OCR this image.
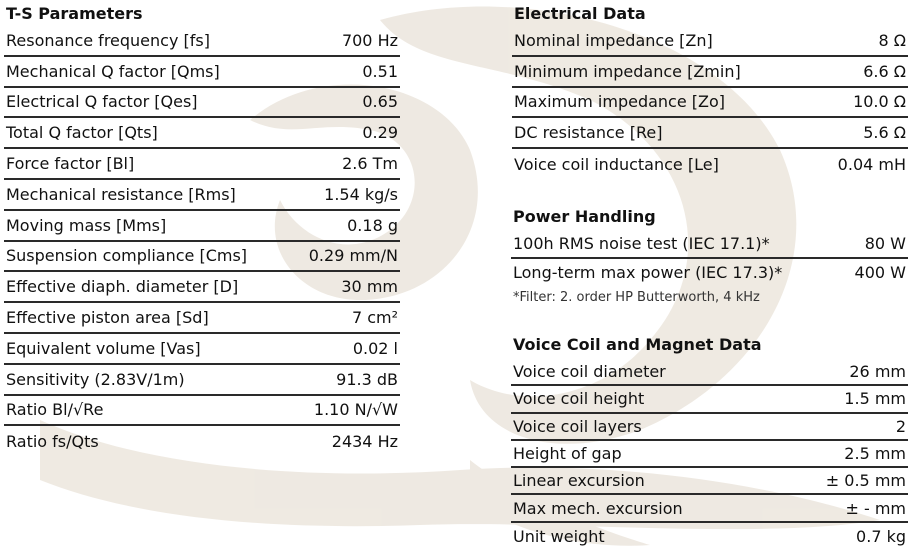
T-S Parameters
Resonance frequency [fs]	700 Hz
Mechanical Q factor [Qms]	0.51
Electrical Q factor [Qes]	0.65
Total Q factor [Qts]	0.29
Force factor [Bl]	2.6 Tm
Mechanical resistance [Rms]	1.54 kg/s
Moving mass [Mms]	0.18 g
Suspension compliance [Cms]	0.29 mm/N
Effective diaph. diameter [D]	30 mm
Effective piston area [Sd]	7 cm²
Equivalent volume [Vas]	0.02 l
Sensitivity (2.83V/1m)	91.3 dB
Ratio Bl/√Re	1.10 N/√W
Ratio fs/Qts	2434 Hz
Electrical Data
Nominal impedance [Zn]	8 Ω
Minimum impedance [Zmin]	6.6 Ω
Maximum impedance [Zo]	10.0 Ω
DC resistance [Re]	5.6 Ω
Voice coil inductance [Le]	0.04 mH
Power Handling
100h RMS noise test (IEC 17.1)*	80 W
Long-term max power (IEC 17.3)*	400 W
*Filter: 2. order HP Butterworth, 4 kHz
Voice Coil and Magnet Data
Voice coil diameter	26 mm
Voice coil height	1.5 mm
Voice coil layers	2
Height of gap	2.5 mm
Linear excursion	± 0.5 mm
Max mech. excursion	± - mm
Unit weight	0.7 kg
